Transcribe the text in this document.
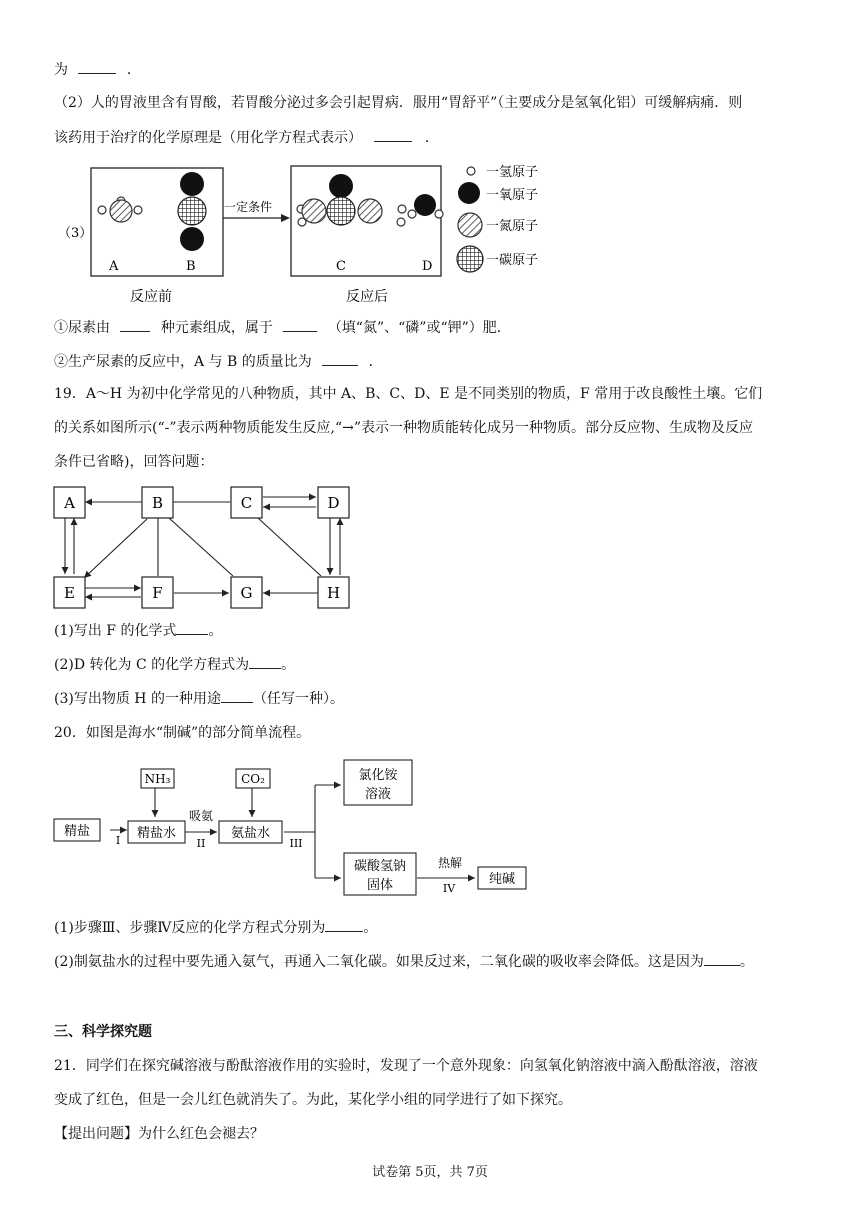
为	．
（2）人的胃液里含有胃酸，若胃酸分泌过多会引起胃病．服用“胃舒平”（主要成分是氢氧化铝）可缓解病痛．则
该药用于治疗的化学原理是（用化学方程式表示）	．
（3）
A	B
一定条件
C	D
反应前	反应后
一氢原子
一氧原子
一氮原子
一碳原子
①尿素由	种元素组成，属于	（填“氮”、“磷”或“钾”）肥．
②生产尿素的反应中，A 与 B 的质量比为	．
19．A～H 为初中化学常见的八种物质，其中 A、B、C、D、E 是不同类别的物质，F 常用于改良酸性土壤。它们
的关系如图所示(“-”表示两种物质能发生反应,“→”表示一种物质能转化成另一种物质。部分反应物、生成物及反应
条件已省略)，回答问题：
A	B	C	D
E	F	G	H
(1)写出 F 的化学式 。
(2)D 转化为 C 的化学方程式为 。
(3)写出物质 H 的一种用途 （任写一种）。
20．如图是海水“制碱”的部分简单流程。
精盐	精盐水	氨盐水
NH₃	CO₂	氯化铵
溶液
碳酸氢钠
固体	纯碱
吸氨
热解
I	II	III
IV
(1)步骤Ⅲ、步骤Ⅳ反应的化学方程式分别为	。
(2)制氨盐水的过程中要先通入氨气，再通入二氧化碳。如果反过来，二氧化碳的吸收率会降低。这是因为	。
三、科学探究题
21．同学们在探究碱溶液与酚酞溶液作用的实验时，发现了一个意外现象：向氢氧化钠溶液中滴入酚酞溶液，溶液
变成了红色，但是一会儿红色就消失了。为此，某化学小组的同学进行了如下探究。
【提出问题】为什么红色会褪去？
试卷第 5页，共 7页
